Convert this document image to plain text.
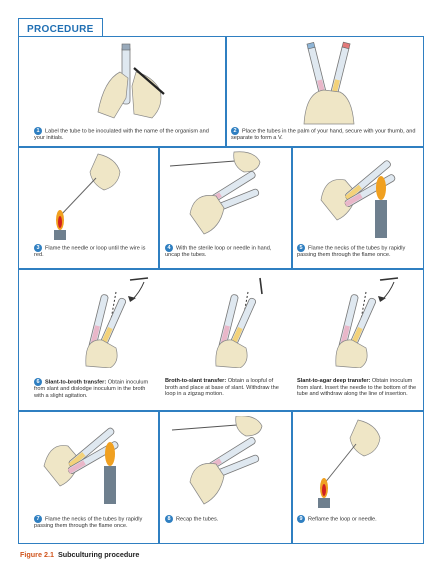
PROCEDURE
1 Label the tube to be inoculated with the name of the organism and your initials.
2 Place the tubes in the palm of your hand, secure with your thumb, and separate to form a V.
3 Flame the needle or loop until the wire is red.
4 With the sterile loop or needle in hand, uncap the tubes.
5 Flame the necks of the tubes by rapidly passing them through the flame once.
6 Slant-to-broth transfer: Obtain inoculum from slant and dislodge inoculum in the broth with a slight agitation.
Broth-to-slant transfer: Obtain a loopful of broth and place at base of slant. Withdraw the loop in a zigzag motion.
Slant-to-agar deep transfer: Obtain inoculum from slant. Insert the needle to the bottom of the tube and withdraw along the line of insertion.
7 Flame the necks of the tubes by rapidly passing them through the flame once.
8 Recap the tubes.	9 Reflame the loop or needle.
Figure 2.1 Subculturing procedure
